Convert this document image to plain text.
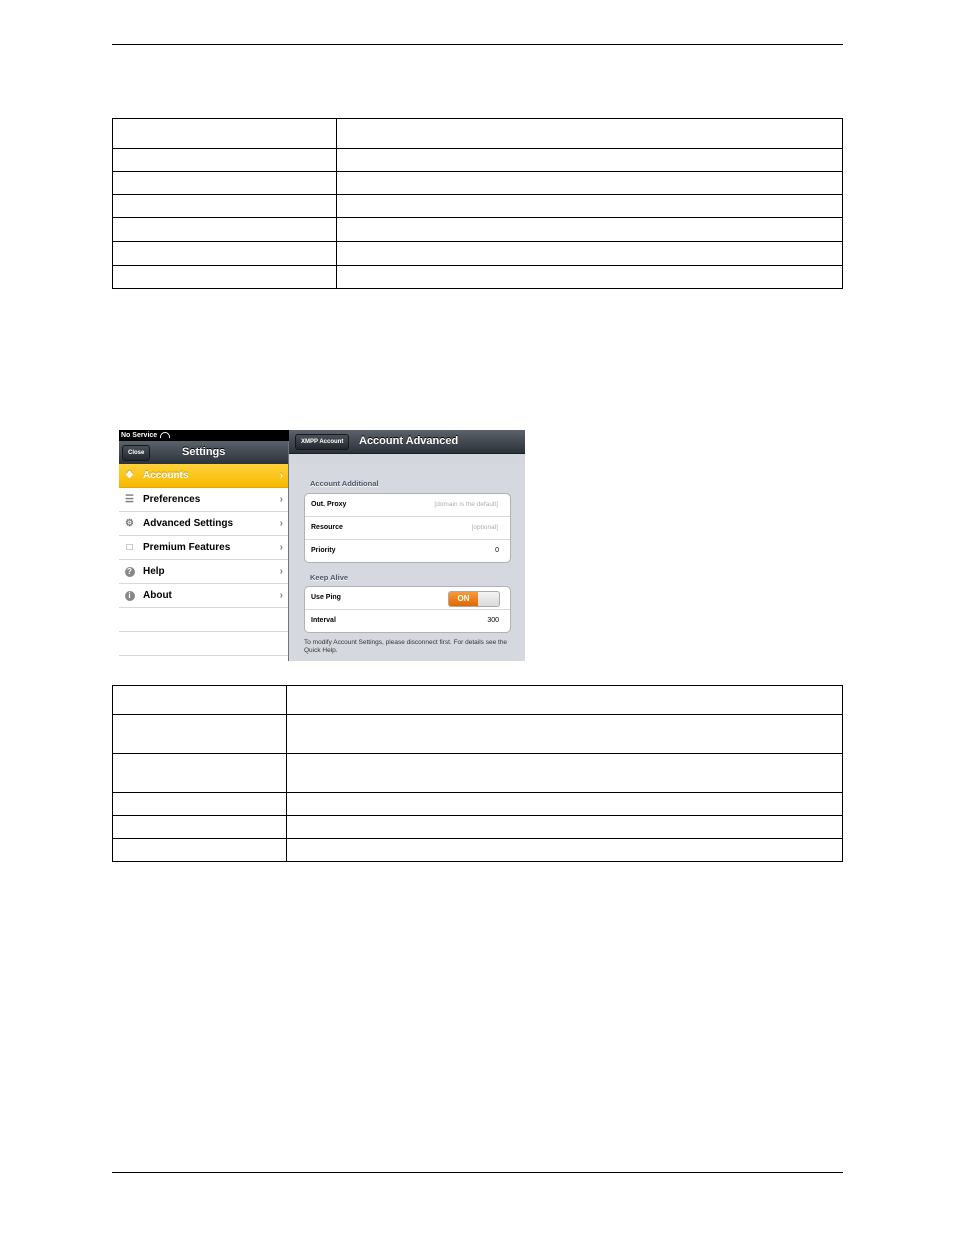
No Service
Close	Settings
❖ Accounts	›
☰ Preferences	›
⚙ Advanced Settings	›
□ Premium Features	›
?	Help	›
i	About	›
XMPP Account	Account Advanced
Account Additional
Out. Proxy	[domain is the default]
Resource	[optional]
Priority	0
Keep Alive
Use Ping	ON
Interval	300
To modify Account Settings, please disconnect first. For details see the Quick Help.
